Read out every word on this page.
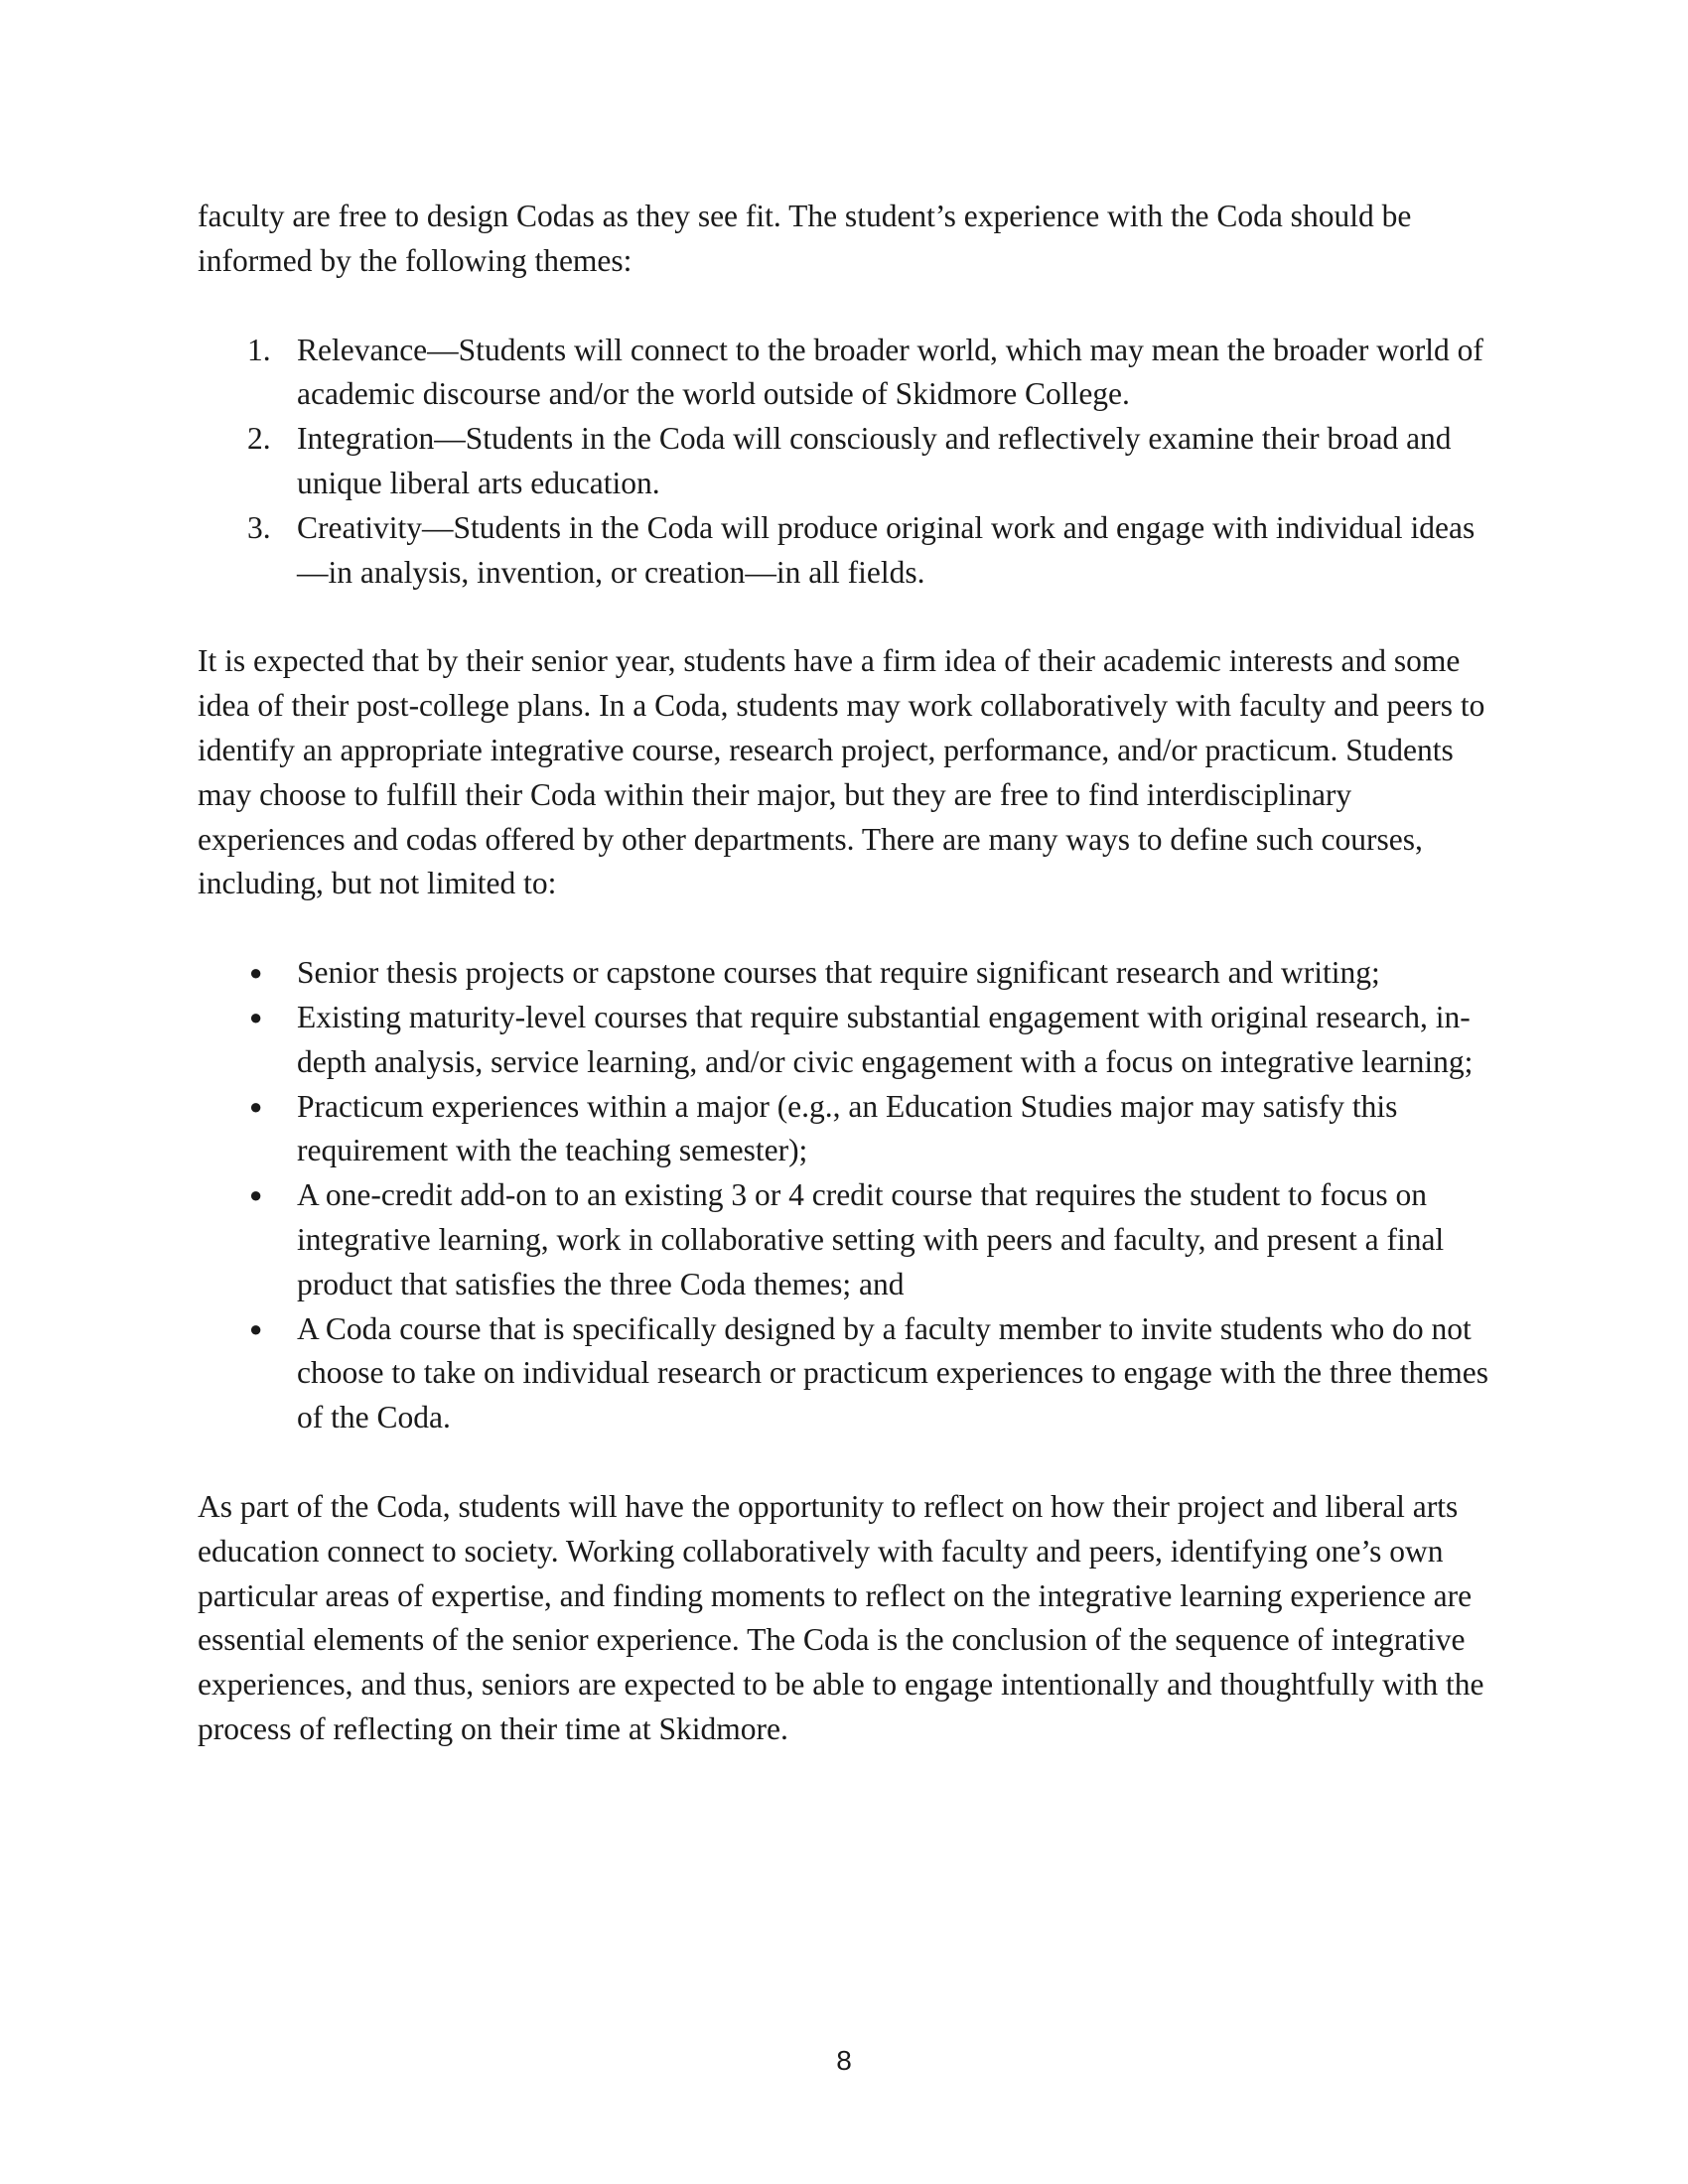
faculty are free to design Codas as they see fit. The student’s experience with the Coda should be informed by the following themes:

1. Relevance—Students will connect to the broader world, which may mean the broader world of academic discourse and/or the world outside of Skidmore College.
2. Integration—Students in the Coda will consciously and reflectively examine their broad and unique liberal arts education.
3. Creativity—Students in the Coda will produce original work and engage with individual ideas—in analysis, invention, or creation—in all fields.

It is expected that by their senior year, students have a firm idea of their academic interests and some idea of their post-college plans. In a Coda, students may work collaboratively with faculty and peers to identify an appropriate integrative course, research project, performance, and/or practicum. Students may choose to fulfill their Coda within their major, but they are free to find interdisciplinary experiences and codas offered by other departments. There are many ways to define such courses, including, but not limited to:

●	Senior thesis projects or capstone courses that require significant research and writing;
●	Existing maturity-level courses that require substantial engagement with original research, in-depth analysis, service learning, and/or civic engagement with a focus on integrative learning;
●	Practicum experiences within a major (e.g., an Education Studies major may satisfy this requirement with the teaching semester);
●	A one-credit add-on to an existing 3 or 4 credit course that requires the student to focus on integrative learning, work in collaborative setting with peers and faculty, and present a final product that satisfies the three Coda themes; and
●	A Coda course that is specifically designed by a faculty member to invite students who do not choose to take on individual research or practicum experiences to engage with the three themes of the Coda.

As part of the Coda, students will have the opportunity to reflect on how their project and liberal arts education connect to society. Working collaboratively with faculty and peers, identifying one’s own particular areas of expertise, and finding moments to reflect on the integrative learning experience are essential elements of the senior experience. The Coda is the conclusion of the sequence of integrative experiences, and thus, seniors are expected to be able to engage intentionally and thoughtfully with the process of reflecting on their time at Skidmore.

8
